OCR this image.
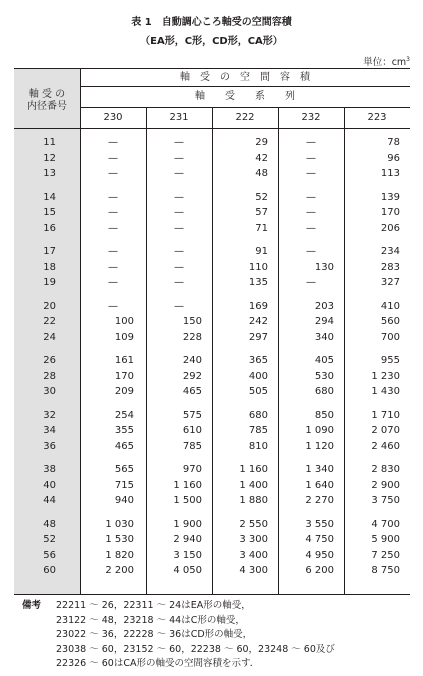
表 1　自動調心ころ軸受の空間容積
（EA形，C形，CD形，CA形）
単位：$cm^3$
軸 受 の
内径番号
軸　受　の　空　間　容　積
軸　　受　　系　　列
230	231	222	232	223
11	—	—	29	—	78
12	—	—	42	—	96
13	—	—	48	—	113
14	—	—	52	—	139
15	—	—	57	—	170
16	—	—	71	—	206
17	—	—	91	—	234
18	—	—	110	130	283
19	—	—	135	—	327
20	—	—	169	203	410
22	100	150	242	294	560
24	109	228	297	340	700
26	161	240	365	405	955
28	170	292	400	530	1 230
30	209	465	505	680	1 430
32	254	575	680	850	1 710
34	355	610	785	1 090	2 070
36	465	785	810	1 120	2 460
38	565	970	1 160	1 340	2 830
40	715	1 160	1 400	1 640	2 900
44	940	1 500	1 880	2 270	3 750
48	1 030	1 900	2 550	3 550	4 700
52	1 530	2 940	3 300	4 750	5 900
56	1 820	3 150	3 400	4 950	7 250
60	2 200	4 050	4 300	6 200	8 750
備考 22211 ～ 26，22311 ～ 24はEA形の軸受，
23122 ～ 48，23218 ～ 44はC形の軸受，
23022 ～ 36，22228 ～ 36はCD形の軸受，
23038 ～ 60，23152 ～ 60，22238 ～ 60，23248 ～ 60及び
22326 ～ 60はCA形の軸受の空間容積を示す．
